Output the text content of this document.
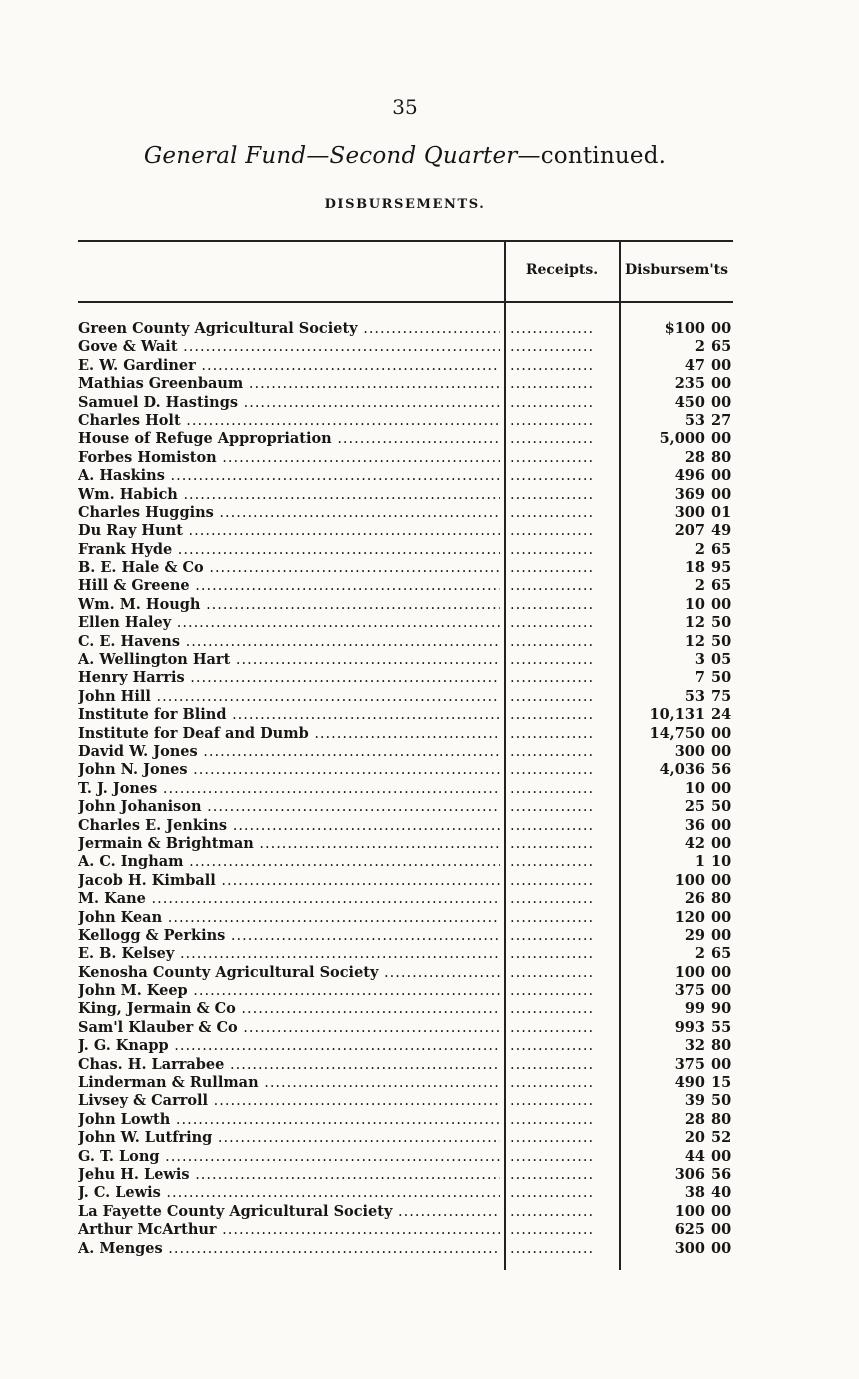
35
General Fund—Second Quarter—continued.
DISBURSEMENTS.
Receipts.	Disbursem'ts
Green County Agricultural Society .....	...............	$100 00
Gove & Wait .....	...............	2 65
E. W. Gardiner .....	...............	47 00
Mathias Greenbaum .....	...............	235 00
Samuel D. Hastings .....	...............	450 00
Charles Holt .....	...............	53 27
House of Refuge Appropriation .....	...............	5,000 00
Forbes Homiston .....	...............	28 80
A. Haskins .....	...............	496 00
Wm. Habich .....	...............	369 00
Charles Huggins .....	...............	300 01
Du Ray Hunt .....	...............	207 49
Frank Hyde .....	...............	2 65
B. E. Hale & Co .....	...............	18 95
Hill & Greene .....	...............	2 65
Wm. M. Hough .....	...............	10 00
Ellen Haley .....	...............	12 50
C. E. Havens .....	...............	12 50
A. Wellington Hart .....	...............	3 05
Henry Harris .....	...............	7 50
John Hill .....	...............	53 75
Institute for Blind .....	...............	10,131 24
Institute for Deaf and Dumb .....	...............	14,750 00
David W. Jones .....	...............	300 00
John N. Jones .....	...............	4,036 56
T. J. Jones .....	...............	10 00
John Johanison .....	...............	25 50
Charles E. Jenkins .....	...............	36 00
Jermain & Brightman .....	...............	42 00
A. C. Ingham .....	...............	1 10
Jacob H. Kimball .....	...............	100 00
M. Kane .....	...............	26 80
John Kean .....	...............	120 00
Kellogg & Perkins .....	...............	29 00
E. B. Kelsey .....	...............	2 65
Kenosha County Agricultural Society .....	...............	100 00
John M. Keep .....	...............	375 00
King, Jermain & Co .....	...............	99 90
Sam'l Klauber & Co .....	...............	993 55
J. G. Knapp .....	...............	32 80
Chas. H. Larrabee .....	...............	375 00
Linderman & Rullman .....	...............	490 15
Livsey & Carroll .....	...............	39 50
John Lowth .....	...............	28 80
John W. Lutfring .....	...............	20 52
G. T. Long .....	...............	44 00
Jehu H. Lewis .....	...............	306 56
J. C. Lewis .....	...............	38 40
La Fayette County Agricultural Society .....	...............	100 00
Arthur McArthur .....	...............	625 00
A. Menges .....	...............	300 00
